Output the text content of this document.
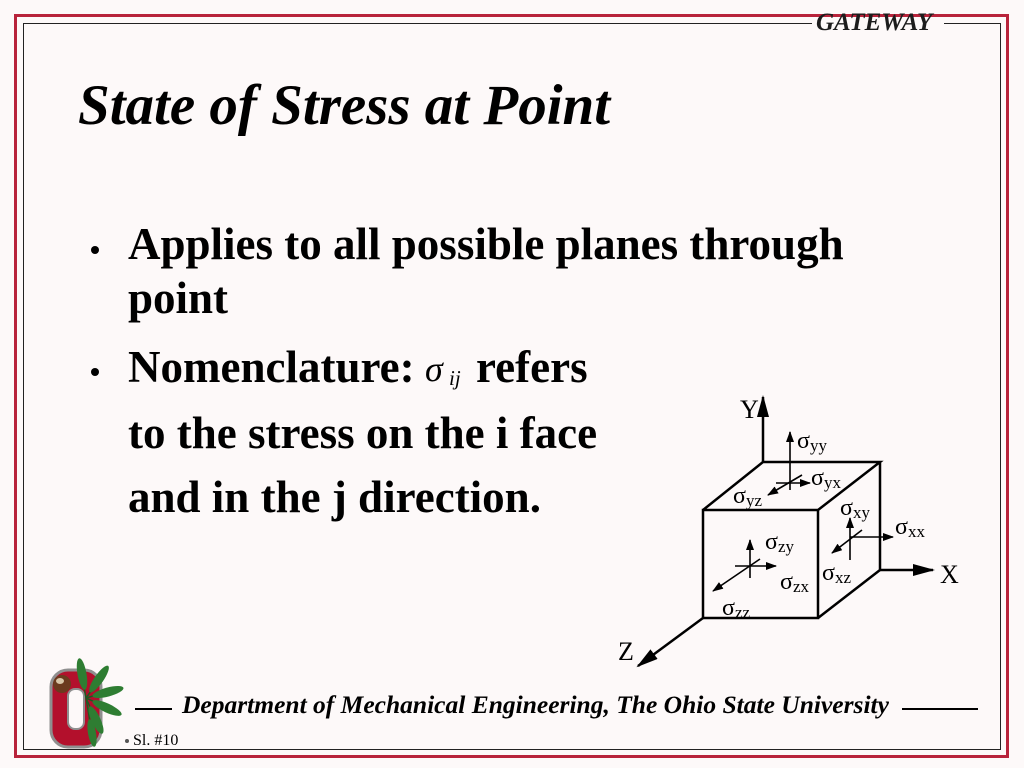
GATEWAY
State of Stress at Point
Applies to all possible planes through
point
Nomenclature: σ ij refers
to the stress on the i face
and in the j direction.
Y
X
Z
σyy
σyx
σyz	σxy
σxx
σxz
σzy
σzx
σzz
Department of Mechanical Engineering, The Ohio State University
Sl. #10
